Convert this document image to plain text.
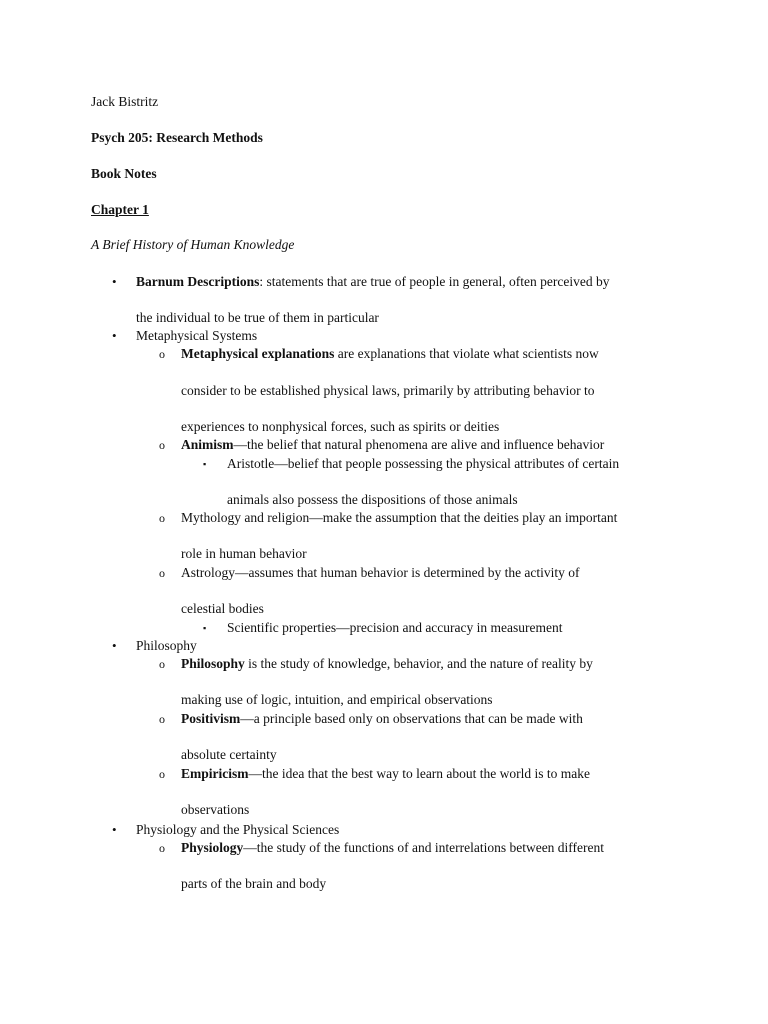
Jack Bistritz
Psych 205: Research Methods
Book Notes
Chapter 1
A Brief History of Human Knowledge
• Barnum Descriptions: statements that are true of people in general, often perceived by
the individual to be true of them in particular
• Metaphysical Systems
o Metaphysical explanations are explanations that violate what scientists now
consider to be established physical laws, primarily by attributing behavior to
experiences to nonphysical forces, such as spirits or deities
o Animism—the belief that natural phenomena are alive and influence behavior
▪ Aristotle—belief that people possessing the physical attributes of certain
animals also possess the dispositions of those animals
o Mythology and religion—make the assumption that the deities play an important
role in human behavior
o Astrology—assumes that human behavior is determined by the activity of
celestial bodies
▪ Scientific properties—precision and accuracy in measurement
• Philosophy
o Philosophy is the study of knowledge, behavior, and the nature of reality by
making use of logic, intuition, and empirical observations
o Positivism—a principle based only on observations that can be made with
absolute certainty
o Empiricism—the idea that the best way to learn about the world is to make
observations
• Physiology and the Physical Sciences
o Physiology—the study of the functions of and interrelations between different
parts of the brain and body
